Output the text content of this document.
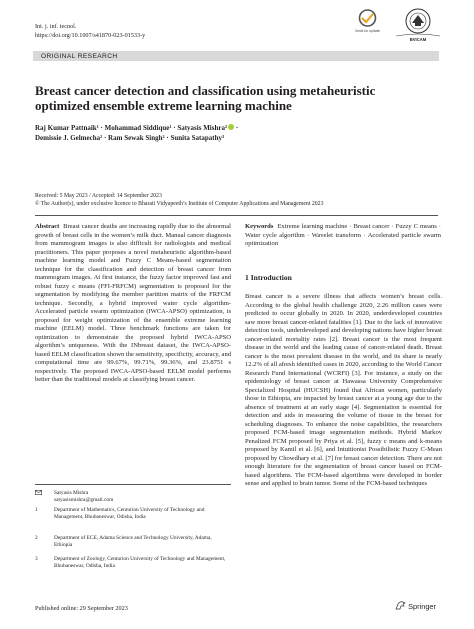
Int. j. inf. tecnol.
https://doi.org/10.1007/s41870-023-01533-y
Check for updates
BVICAM
ORIGINAL RESEARCH
Breast cancer detection and classification using metaheuristic
optimized ensemble extreme learning machine
Raj Kumar Pattnaik¹ · Mohammad Siddique¹ · Satyasis Mishra² ·
Demissie J. Gelmecha² · Ram Sewak Singh² · Sunita Satapathy³
Received: 5 May 2023 / Accepted: 14 September 2023
© The Author(s), under exclusive licence to Bharati Vidyapeeth’s Institute of Computer Applications and Management 2023
Abstract Breast cancer deaths are increasing rapidly due to the abnormal growth of breast cells in the women’s milk duct. Manual cancer diagnosis from mammogram images is also difficult for radiologists and medical practitioners. This paper proposes a novel metaheuristic algorithm-based machine learning model and Fuzzy C Means-based segmentation technique for the classification and detection of breast cancer from mammogram images. At first instance, the fuzzy factor improved fast and robust fuzzy c means (FFI-FRFCM) segmentation is proposed for the segmentation by modifying the member partition matrix of the FRFCM technique. Secondly, a hybrid improved water cycle algorithm-Accelerated particle swarm optimization (IWCA-APSO) optimization, is proposed for weight optimization of the ensemble extreme learning machine (EELM) model. Three benchmark functions are taken for optimization to demonstrate the proposed hybrid IWCA-APSO algorithm’s uniqueness. With the INbreast dataset, the IWCA-APSO-based EELM classification shown the sensitivity, specificity, accuracy, and computational time are 99.67%, 99.71%, 99.36%, and 23.8751 s respectively. The proposed IWCA-APSO-based EELM model performs better than the traditional models at classifying breast cancer.
Keywords Extreme learning machine · Breast cancer · Fuzzy C means · Water cycle algorithm · Wavelet transform · Accelerated particle swarm optimization
1 Introduction

Breast cancer is a severe illness that affects women’s breast cells. According to the global health challenge 2020, 2.26 million cases were predicted to occur globally in 2020. In 2020, underdeveloped countries saw more breast cancer-related fatalities [1]. Due to the lack of innovative detection tools, underdeveloped and developing nations have higher breast cancer-related mortality rates [2]. Breast cancer is the most frequent disease in the world and the leading cause of cancer-related death. Breast cancer is the most prevalent disease in the world, and its share is nearly 12.2% of all afresh identified cases in 2020, according to the World Cancer Research Fund International (WCRFI) [3]. For instance, a study on the epidemiology of breast cancer at Hawassa University Comprehensive Specialized Hospital (HUCSH) found that African women, particularly those in Ethiopia, are impacted by breast cancer at a young age due to the absence of treatment at an early stage [4]. Segmentation is essential for detection and aids in measuring the volume of tissue in the breast for scheduling diagnoses. To enhance the noise capabilities, the researchers proposed FCM-based image segmentation methods. Hybrid Markov Penalized FCM proposed by Priya et al. [5], fuzzy c means and k-means proposed by Kamil et al. [6], and Intuitionist Possibilistic Fuzzy C-Mean proposed by Chowdhary et al. [7] for breast cancer detection. There are not enough literature for the segmentation of breast cancer based on FCM-based algorithms. The FCM-based algorithms were developed in border sense and applied to brain tumor. Some of the FCM-based techniques

Satyasis Mishra
satyasismishra@gmail.com
1	Department of Mathematics, Centurion University of Technology and Management, Bhubaneswar, Odisha, India
2	Department of ECE, Adama Science and Technology University, Adama, Ethiopia
3	Department of Zoology, Centurion University of Technology and Management, Bhubaneswar, Odisha, India
Published online: 29 September 2023	Springer
